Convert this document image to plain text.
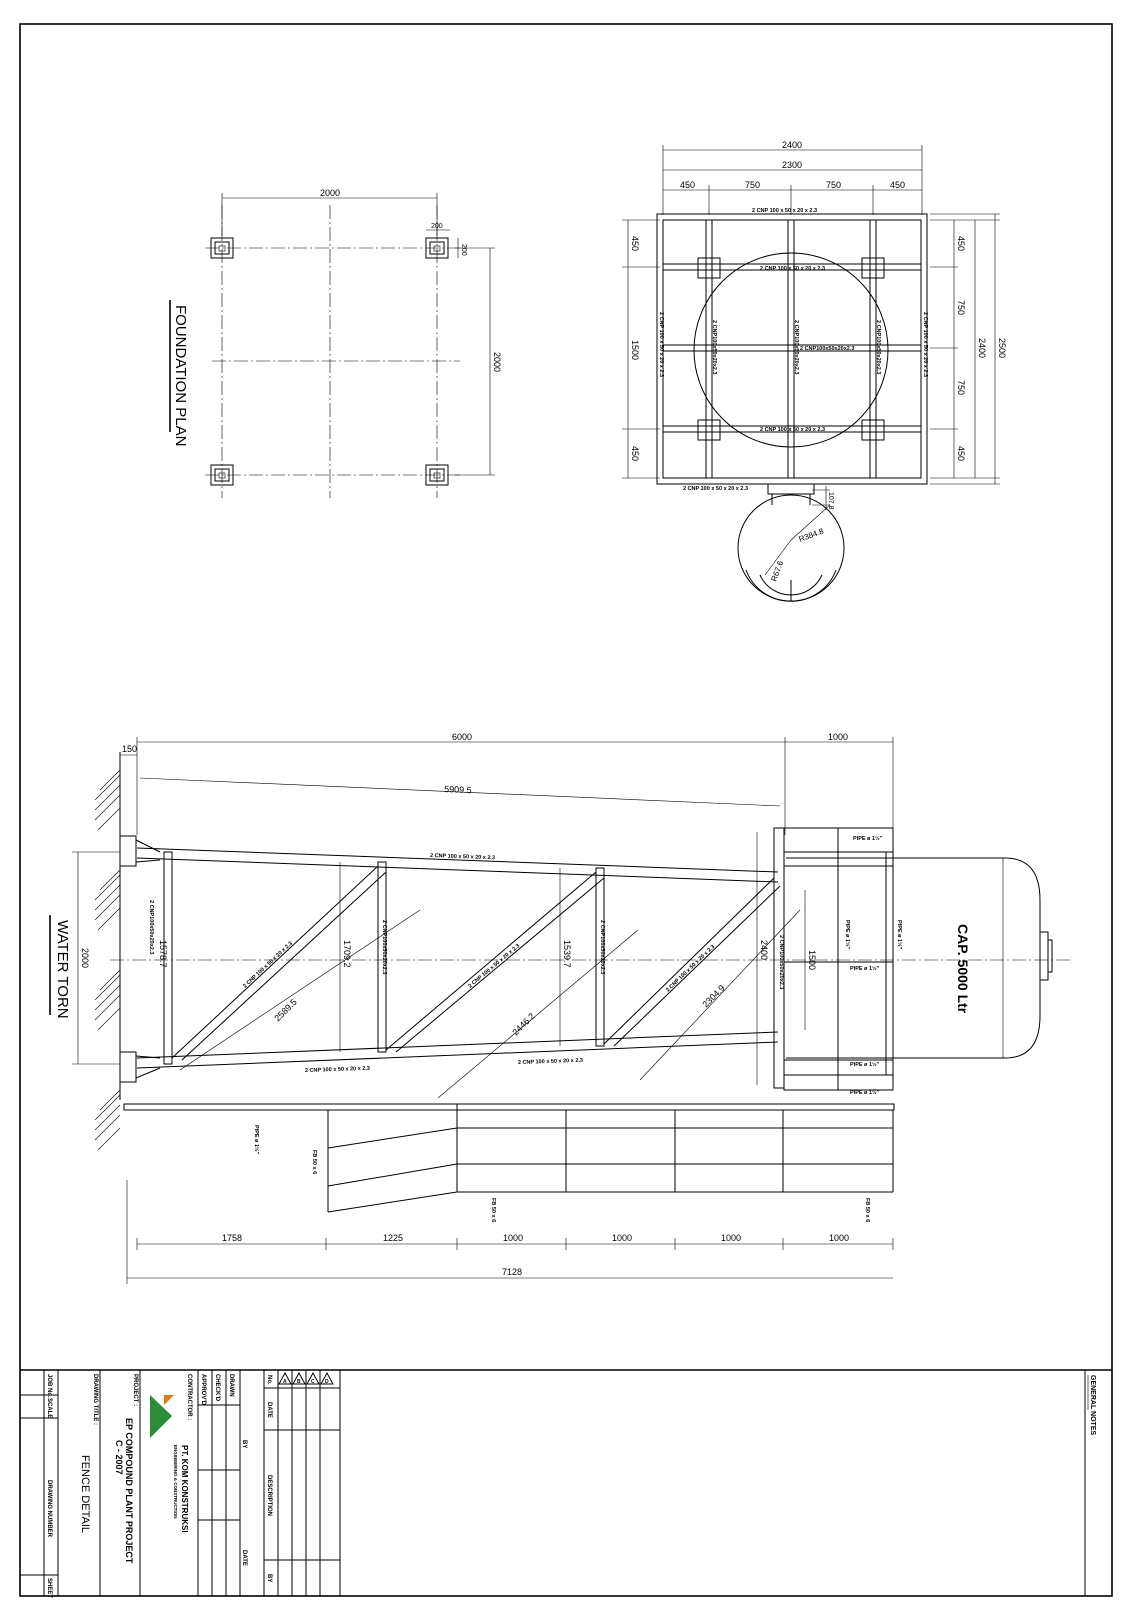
FOUNDATION PLAN
2000
2000
200
200
2400
2300
450	750	750	450
2 CNP 100 x 50 x 20 x 2.3
2 CNP 100 x 50 x 20 x 2.3
2 CNP100x50x20x2.3
2 CNP 100 x 50 x 20 x 2.3
2 CNP 100 x 50 x 20 x 2.3
2 CNP 100 x 50 x 20 x 2.3	2 CNP100x50x20x2.3	2 CNP100x50x20x2.3	2 CNP100x50x20x2.3	2 CNP 100 x 50 x 20 x 2.3
450
1500
450
450
750
750
450
2400 2500
R384.8
R67.6
107.8
WATER TORN
150
6000	1000
5909.5
2000
2 CNP 100 x 50 x 20 x 2.3
2 CNP 100 x 50 x 20 x 2.3
2 CNP 100 x 50 x 20 x 2.3
2 CNP100x50x20x2.3	2 CNP100x50x20x2.3	2 CNP100x50x20x2.3	2 CNP100x50x20x2.3
2 CNP 100 x 50 x 20 x 2.3	2 CNP 100 x 50 x 20 x 2.3	2 CNP 100 x 50 x 20 x 2.3
2589.5
2446.2
2304.9
1709.2	1539.7
1578.7	2400	1500
PIPE ø 1½"
PIPE ø 1½"	PIPE ø 1½"
PIPE ø 1½"
PIPE ø 1½"
PIPE ø 1½"
CAP. 5000 Ltr
PIPE ø 1½"
FB 50 x 6
FB 50 x 6	FB 50 x 6
1758	1225	1000	1000	1000	1000
7128
GENERAL NOTES
No.
DATE
DESCRIPTION
BY
A B C D
DRAWN
CHECK'D
APPROV'D
BY
DATE
CONTRACTOR :
PT. KOM KONSTRUKSI
ENGINEERING & CONSTRUCTION
PROJECT :
EP COMPOUND PLANT PROJECT
C - 2007
DRAWING TITLE :
FENCE DETAIL
JOB No.
SCALE
DRAWING NUMBER
SHEET
